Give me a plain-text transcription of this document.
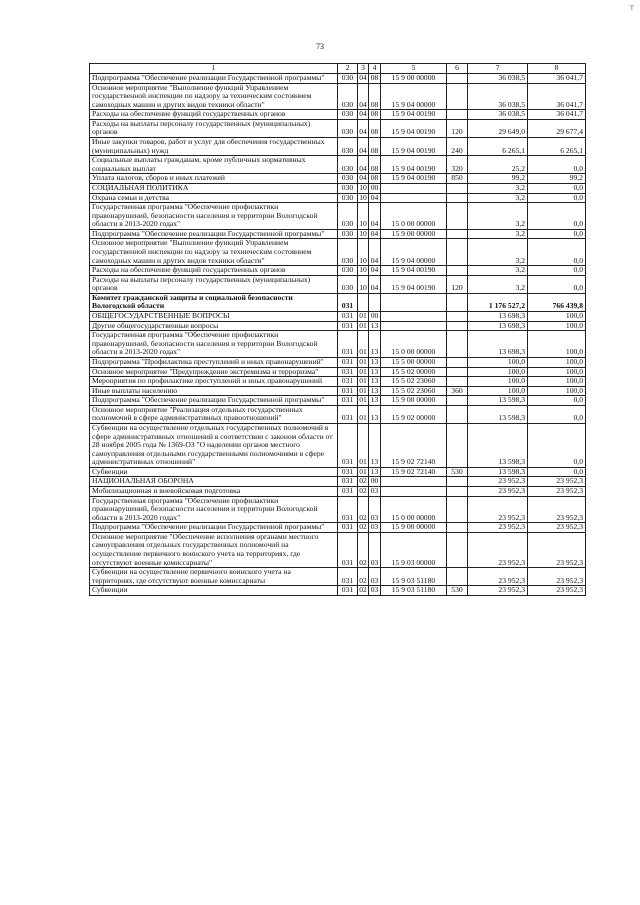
т
73
1	2	3	4	5	6	7	8
Подпрограмма "Обеспечение реализации Государственной программы"	030	04	08	15 9 00 00000		36 038,5	36 041,7
Основное мероприятие "Выполнение функций Управлением государственной инспекции по надзору за техническим состоянием самоходных машин и других видов техники области"	030	04	08	15 9 04 00000		36 038,5	36 041,7
Расходы на обеспечение функций государственных органов	030	04	08	15 9 04 00190		36 038,5	36 041,7
Расходы на выплаты персоналу государственных (муниципальных) органов	030	04	08	15 9 04 00190	120	29 649,0	29 677,4
Иные закупки товаров, работ и услуг для обеспечения государственных (муниципальных) нужд	030	04	08	15 9 04 00190	240	6 265,1	6 265,1
Социальные выплаты гражданам, кроме публичных нормативных социальных выплат	030	04	08	15 9 04 00190	320	25,2	0,0
Уплата налогов, сборов и иных платежей	030	04	08	15 9 04 00190	850	99,2	99,2
СОЦИАЛЬНАЯ ПОЛИТИКА	030	10	00			3,2	0,0
Охрана семьи и детства	030	10	04			3,2	0,0
Государственная программа "Обеспечение профилактики правонарушений, безопасности населения и территории Вологодской области в 2013-2020 годах"	030	10	04	15 0 00 00000		3,2	0,0
Подпрограмма "Обеспечение реализации Государственной программы"	030	10	04	15 9 00 00000		3,2	0,0
Основное мероприятие "Выполнение функций Управлением государственной инспекции по надзору за техническим состоянием самоходных машин и других видов техники области"	030	10	04	15 9 04 00000		3,2	0,0
Расходы на обеспечение функций государственных органов	030	10	04	15 9 04 00190		3,2	0,0
Расходы на выплаты персоналу государственных (муниципальных) органов	030	10	04	15 9 04 00190	120	3,2	0,0
Комитет гражданской защиты и социальной безопасности Вологодской области	031					1 176 527,2	766 439,8
ОБЩЕГОСУДАРСТВЕННЫЕ ВОПРОСЫ	031	01	00			13 698,3	100,0
Другие общегосударственные вопросы	031	01	13			13 698,3	100,0
Государственная программа "Обеспечение профилактики правонарушений, безопасности населения и территории Вологодской области в 2013-2020 годах"	031	01	13	15 0 00 00000		13 698,3	100,0
Подпрограмма "Профилактика преступлений и иных правонарушений"	031	01	13	15 5 00 00000		100,0	100,0
Основное мероприятие "Предупреждение экстремизма и терроризма"	031	01	13	15 5 02 00000		100,0	100,0
Мероприятия по профилактике преступлений и иных правонарушений	031	01	13	15 5 02 23060		100,0	100,0
Иные выплаты населению	031	01	13	15 5 02 23060	360	100,0	100,0
Подпрограмма "Обеспечение реализации Государственной программы"	031	01	13	15 9 00 00000		13 598,3	0,0
Основное мероприятие "Реализация отдельных государственных полномочий в сфере административных правоотношений"	031	01	13	15 9 02 00000		13 598,3	0,0
Субвенции на осуществление отдельных государственных полномочий в сфере административных отношений в соответствии с законом области от 28 ноября 2005 года № 1369-ОЗ "О наделении органов местного самоуправления отдельными государственными полномочиями в сфере административных отношений"	031	01	13	15 9 02 72140		13 598,3	0,0
Субвенции	031	01	13	15 9 02 72140	530	13 598,3	0,0
НАЦИОНАЛЬНАЯ ОБОРОНА	031	02	00			23 952,3	23 952,3
Мобилизационная и вневойсковая подготовка	031	02	03			23 952,3	23 952,3
Государственная программа "Обеспечение профилактики правонарушений, безопасности населения и территории Вологодской области в 2013-2020 годах"	031	02	03	15 0 00 00000		23 952,3	23 952,3
Подпрограмма "Обеспечение реализации Государственной программы"	031	02	03	15 9 00 00000		23 952,3	23 952,3
Основное мероприятие "Обеспечение исполнения органами местного самоуправления отдельных государственных полномочий на осуществление первичного воинского учета на территориях, где отсутствуют военные комиссариаты"	031	02	03	15 9 03 00000		23 952,3	23 952,3
Субвенции на осуществление первичного воинского учета на территориях, где отсутствуют военные комиссариаты	031	02	03	15 9 03 51180		23 952,3	23 952,3
Субвенции	031	02	03	15 9 03 51180	530	23 952,3	23 952,3
